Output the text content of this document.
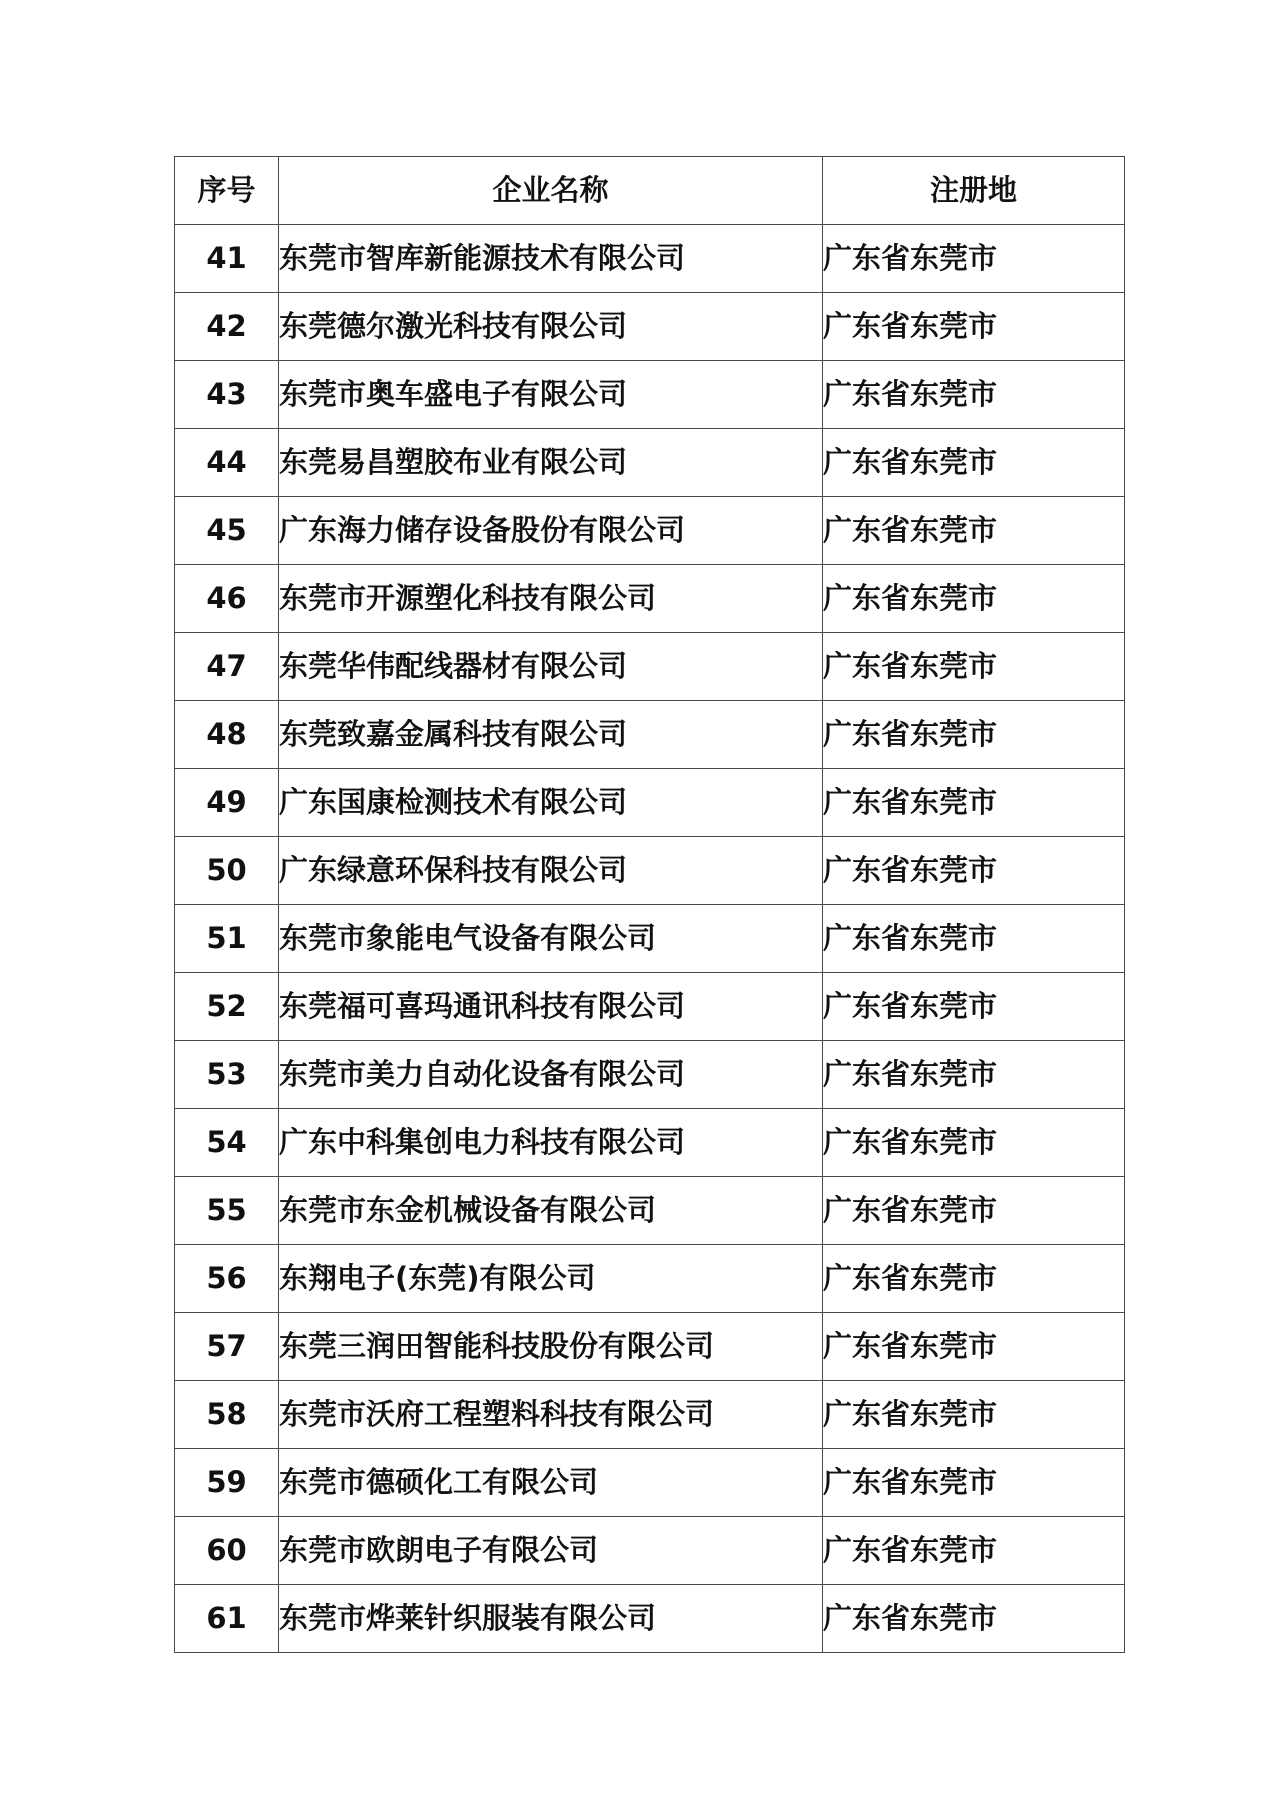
序号	企业名称	注册地
41	东莞市智库新能源技术有限公司	广东省东莞市
42	东莞德尔激光科技有限公司	广东省东莞市
43	东莞市奥车盛电子有限公司	广东省东莞市
44	东莞易昌塑胶布业有限公司	广东省东莞市
45	广东海力储存设备股份有限公司	广东省东莞市
46	东莞市开源塑化科技有限公司	广东省东莞市
47	东莞华伟配线器材有限公司	广东省东莞市
48	东莞致嘉金属科技有限公司	广东省东莞市
49	广东国康检测技术有限公司	广东省东莞市
50	广东绿意环保科技有限公司	广东省东莞市
51	东莞市象能电气设备有限公司	广东省东莞市
52	东莞福可喜玛通讯科技有限公司	广东省东莞市
53	东莞市美力自动化设备有限公司	广东省东莞市
54	广东中科集创电力科技有限公司	广东省东莞市
55	东莞市东金机械设备有限公司	广东省东莞市
56	东翔电子(东莞)有限公司	广东省东莞市
57	东莞三润田智能科技股份有限公司	广东省东莞市
58	东莞市沃府工程塑料科技有限公司	广东省东莞市
59	东莞市德硕化工有限公司	广东省东莞市
60	东莞市欧朗电子有限公司	广东省东莞市
61	东莞市烨莱针织服装有限公司	广东省东莞市
